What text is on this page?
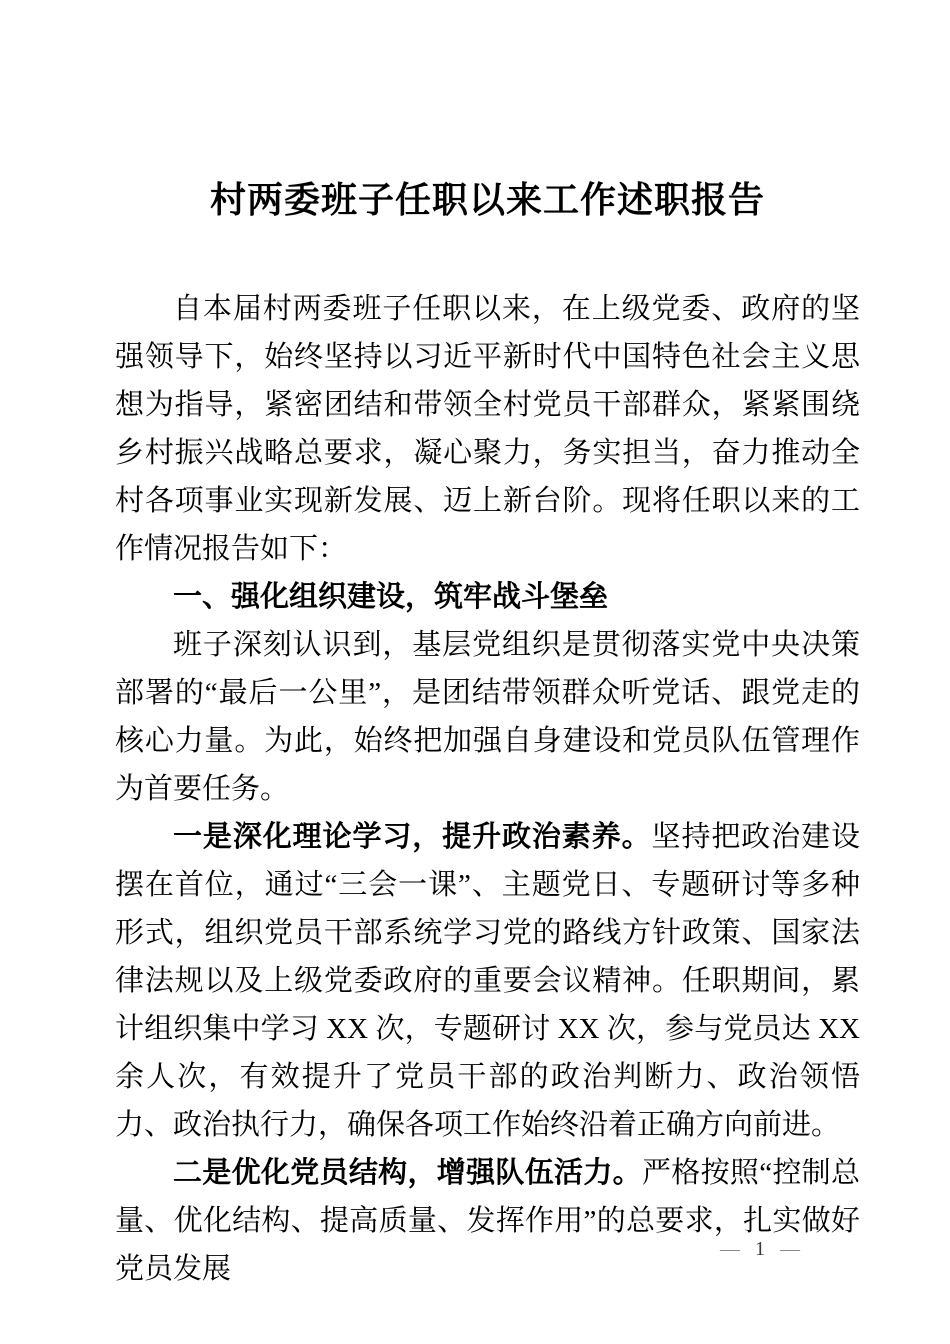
村两委班子任职以来工作述职报告

自本届村两委班子任职以来，在上级党委、政府的坚强领导下，始终坚持以习近平新时代中国特色社会主义思想为指导，紧密团结和带领全村党员干部群众，紧紧围绕乡村振兴战略总要求，凝心聚力，务实担当，奋力推动全村各项事业实现新发展、迈上新台阶。现将任职以来的工作情况报告如下：

一、强化组织建设，筑牢战斗堡垒

班子深刻认识到，基层党组织是贯彻落实党中央决策部署的“最后一公里”，是团结带领群众听党话、跟党走的核心力量。为此，始终把加强自身建设和党员队伍管理作为首要任务。

一是深化理论学习，提升政治素养。坚持把政治建设摆在首位，通过“三会一课”、主题党日、专题研讨等多种形式，组织党员干部系统学习党的路线方针政策、国家法律法规以及上级党委政府的重要会议精神。任职期间，累计组织集中学习 XX 次，专题研讨 XX 次，参与党员达 XX 余人次，有效提升了党员干部的政治判断力、政治领悟力、政治执行力，确保各项工作始终沿着正确方向前进。

二是优化党员结构，增强队伍活力。严格按照“控制总量、优化结构、提高质量、发挥作用”的总要求，扎实做好党员发展

— 1 —
